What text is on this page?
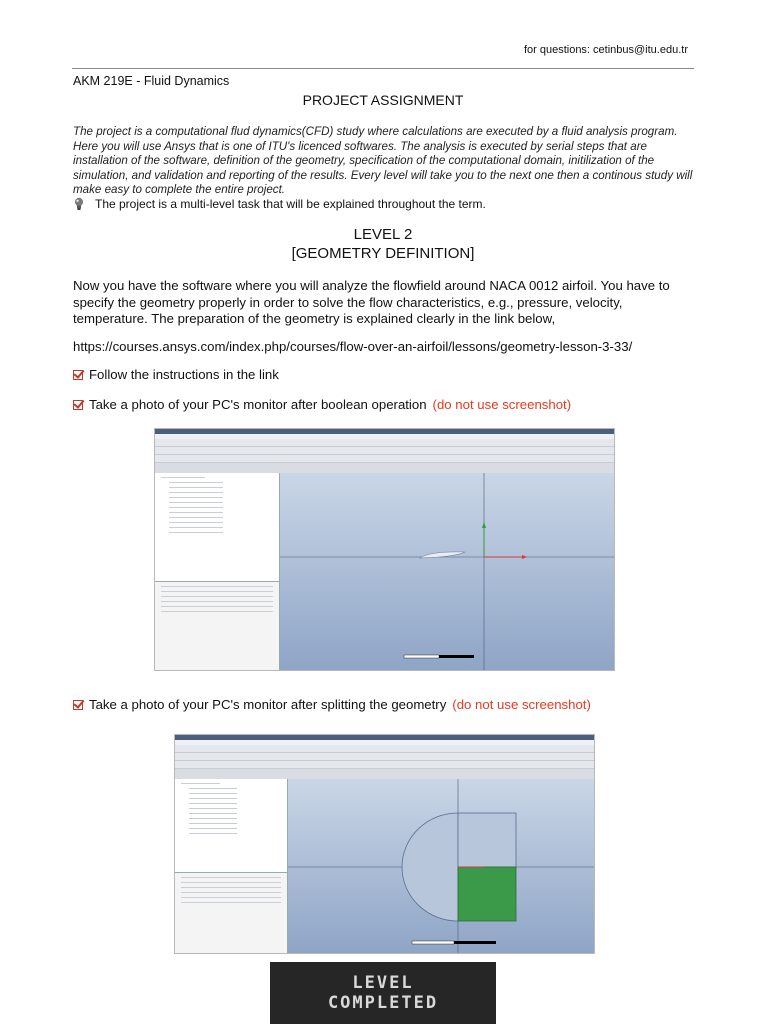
for questions: cetinbus@itu.edu.tr
AKM 219E - Fluid Dynamics
PROJECT ASSIGNMENT
The project is a computational flud dynamics(CFD) study where calculations are executed by a fluid analysis program. Here you will use Ansys that is one of ITU's licenced softwares. The analysis is executed by serial steps that are installation of the software, definition of the geometry, specification of the computational domain, initilization of the simulation, and validation and reporting of the results. Every level will take you to the next one then a continous study will make easy to complete the entire project.
The project is a multi-level task that will be explained throughout the term.
LEVEL 2
[GEOMETRY DEFINITION]
Now you have the software where you will analyze the flowfield around NACA 0012 airfoil. You have to specify the geometry properly in order to solve the flow characteristics, e.g., pressure, velocity, temperature. The preparation of the geometry is explained clearly in the link below,
https://courses.ansys.com/index.php/courses/flow-over-an-airfoil/lessons/geometry-lesson-3-33/
Follow the instructions in the link
Take a photo of your PC's monitor after boolean operation (do not use screenshot)
Take a photo of your PC's monitor after splitting the geometry (do not use screenshot)
LEVEL
COMPLETED
